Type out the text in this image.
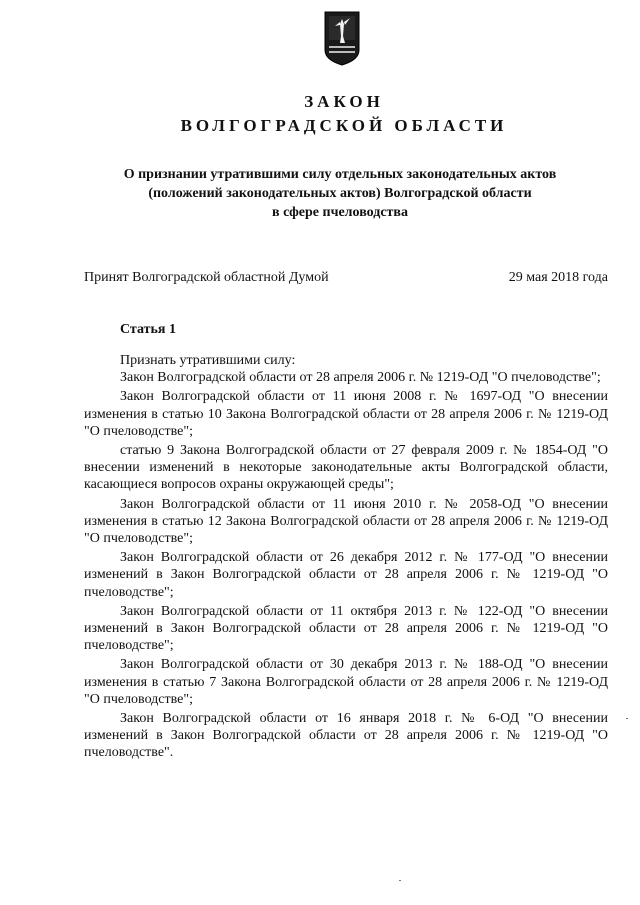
ЗАКОН
ВОЛГОГРАДСКОЙ ОБЛАСТИ
О признании утратившими силу отдельных законодательных актов
(положений законодательных актов) Волгоградской области
в сфере пчеловодства
Принят Волгоградской областной Думой	29 мая 2018 года
Статья 1

Признать утратившими силу:

Закон Волгоградской области от 28 апреля 2006 г. № 1219-ОД "О пчеловодстве";

Закон Волгоградской области от 11 июня 2008 г. № 1697-ОД "О внесении изменения в статью 10 Закона Волгоградской области от 28 апреля 2006 г. № 1219-ОД "О пчеловодстве";

статью 9 Закона Волгоградской области от 27 февраля 2009 г. № 1854-ОД "О внесении изменений в некоторые законодательные акты Волгоградской области, касающиеся вопросов охраны окружающей среды";

Закон Волгоградской области от 11 июня 2010 г. № 2058-ОД "О внесении изменения в статью 12 Закона Волгоградской области от 28 апреля 2006 г. № 1219-ОД "О пчеловодстве";

Закон Волгоградской области от 26 декабря 2012 г. № 177-ОД "О внесении изменений в Закон Волгоградской области от 28 апреля 2006 г. № 1219-ОД "О пчеловодстве";

Закон Волгоградской области от 11 октября 2013 г. № 122-ОД "О внесении изменений в Закон Волгоградской области от 28 апреля 2006 г. № 1219-ОД "О пчеловодстве";

Закон Волгоградской области от 30 декабря 2013 г. № 188-ОД "О внесении изменения в статью 7 Закона Волгоградской области от 28 апреля 2006 г. № 1219-ОД "О пчеловодстве";

Закон Волгоградской области от 16 января 2018 г. № 6-ОД "О внесении изменений в Закон Волгоградской области от 28 апреля 2006 г. № 1219-ОД "О пчеловодстве".
